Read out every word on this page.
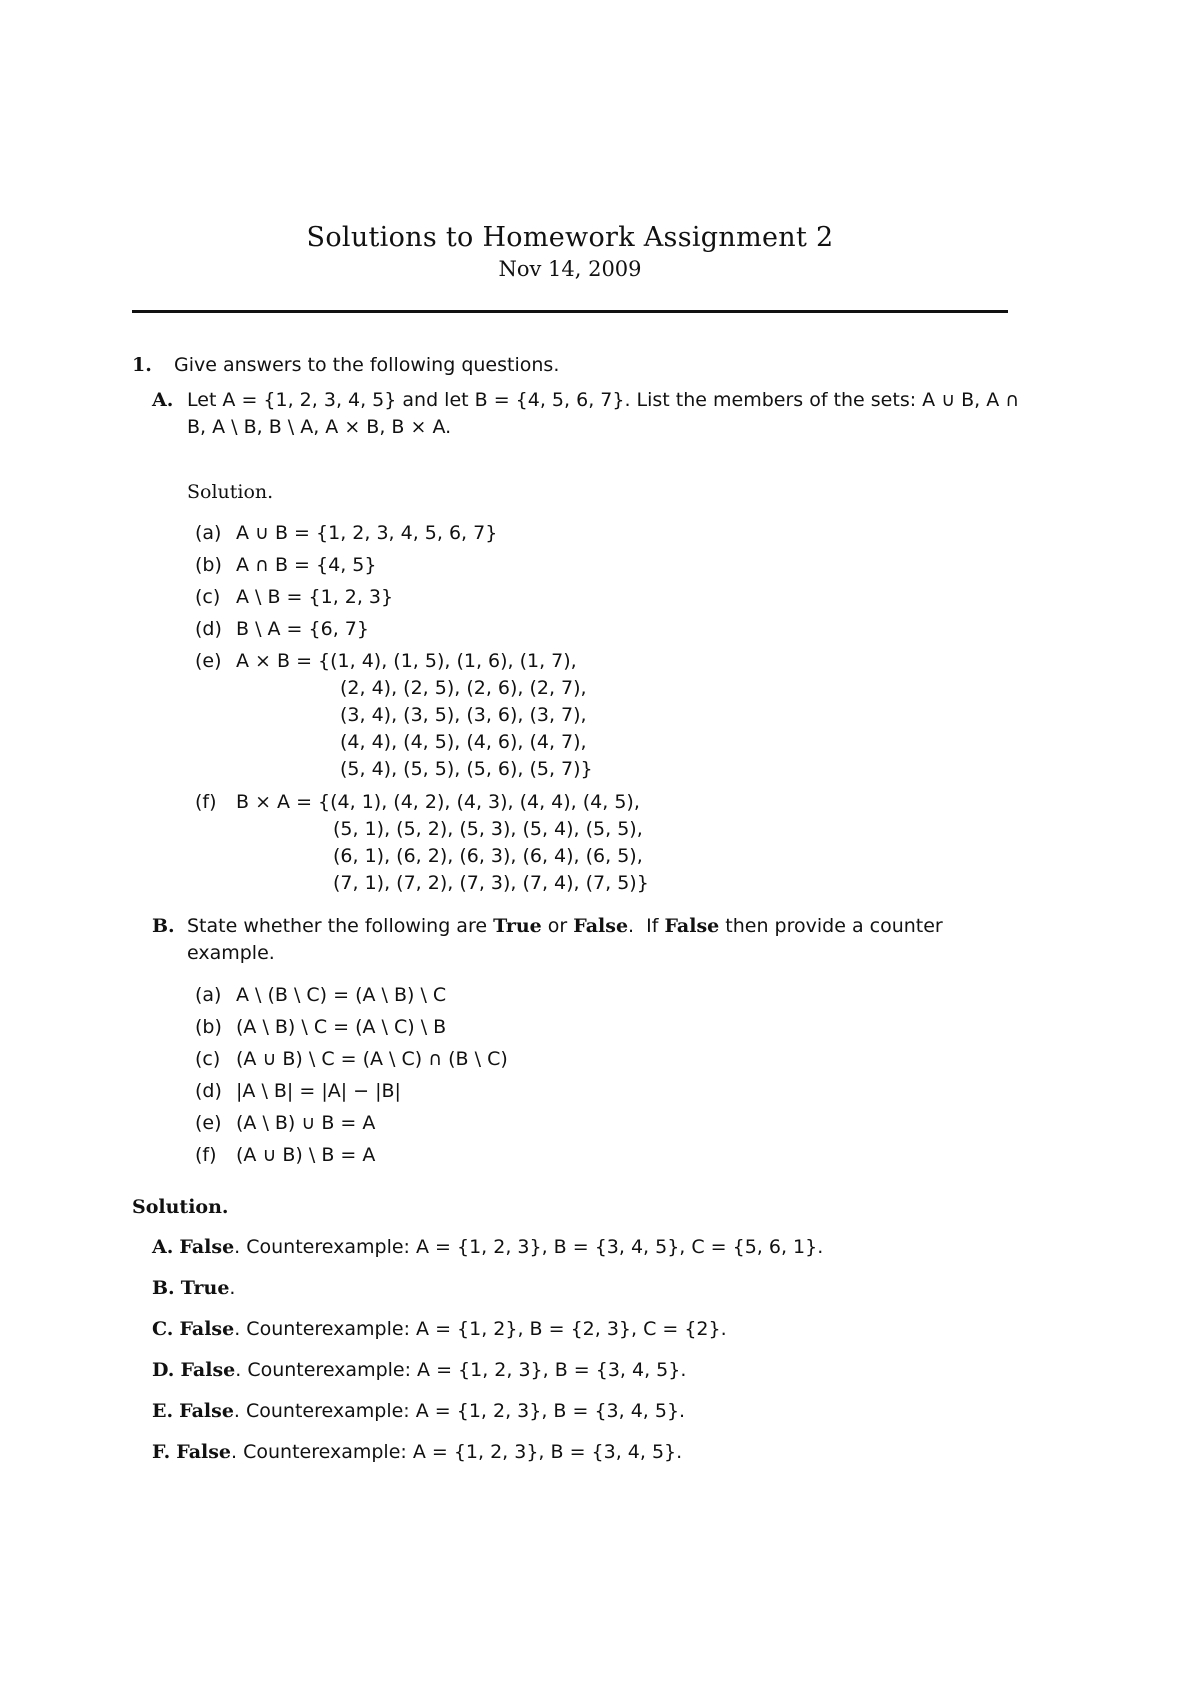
Solutions to Homework Assignment 2
Nov 14, 2009
1. Give answers to the following questions.
A. Let A = {1, 2, 3, 4, 5} and let B = {4, 5, 6, 7}. List the members of the sets: A ∪ B, A ∩
B, A \ B, B \ A, A × B, B × A.
Solution.
(a) A ∪ B = {1, 2, 3, 4, 5, 6, 7}
(b) A ∩ B = {4, 5}
(c) A \ B = {1, 2, 3}
(d) B \ A = {6, 7}
(e) A × B = {(1, 4), (1, 5), (1, 6), (1, 7),
(2, 4), (2, 5), (2, 6), (2, 7),
(3, 4), (3, 5), (3, 6), (3, 7),
(4, 4), (4, 5), (4, 6), (4, 7),
(5, 4), (5, 5), (5, 6), (5, 7)}
(f) B × A = {(4, 1), (4, 2), (4, 3), (4, 4), (4, 5),
(5, 1), (5, 2), (5, 3), (5, 4), (5, 5),
(6, 1), (6, 2), (6, 3), (6, 4), (6, 5),
(7, 1), (7, 2), (7, 3), (7, 4), (7, 5)}
B. State whether the following are True or False.  If False then provide a counter
example.
(a) A \ (B \ C) = (A \ B) \ C
(b) (A \ B) \ C = (A \ C) \ B
(c) (A ∪ B) \ C = (A \ C) ∩ (B \ C)
(d) |A \ B| = |A| − |B|
(e) (A \ B) ∪ B = A
(f) (A ∪ B) \ B = A
Solution.
A. False. Counterexample: A = {1, 2, 3}, B = {3, 4, 5}, C = {5, 6, 1}.
B. True.
C. False. Counterexample: A = {1, 2}, B = {2, 3}, C = {2}.
D. False. Counterexample: A = {1, 2, 3}, B = {3, 4, 5}.
E. False. Counterexample: A = {1, 2, 3}, B = {3, 4, 5}.
F. False. Counterexample: A = {1, 2, 3}, B = {3, 4, 5}.
